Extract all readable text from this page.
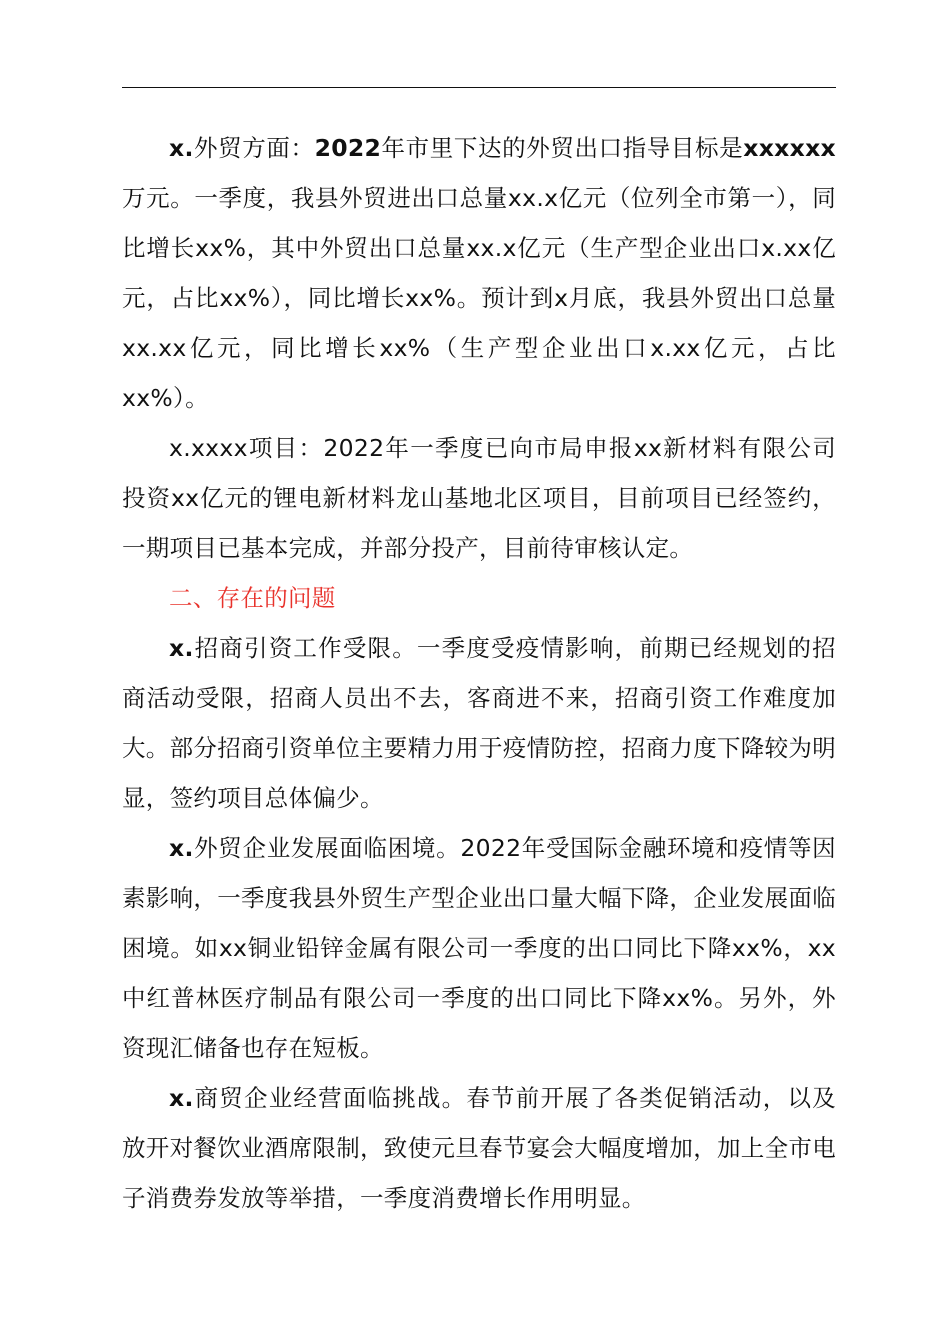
x.外贸方面：2022年市里下达的外贸出口指导目标是xxxxxx万元。一季度，我县外贸进出口总量xx.x亿元（位列全市第一），同比增长xx%，其中外贸出口总量xx.x亿元（生产型企业出口x.xx亿元，占比xx%），同比增长xx%。预计到x月底，我县外贸出口总量xx.xx亿元，同比增长xx%（生产型企业出口x.xx亿元，占比xx%）。

x.xxxx项目：2022年一季度已向市局申报xx新材料有限公司投资xx亿元的锂电新材料龙山基地北区项目，目前项目已经签约，一期项目已基本完成，并部分投产，目前待审核认定。

二、存在的问题

x.招商引资工作受限。一季度受疫情影响，前期已经规划的招商活动受限，招商人员出不去，客商进不来，招商引资工作难度加大。部分招商引资单位主要精力用于疫情防控，招商力度下降较为明显，签约项目总体偏少。

x.外贸企业发展面临困境。2022年受国际金融环境和疫情等因素影响，一季度我县外贸生产型企业出口量大幅下降，企业发展面临困境。如xx铜业铅锌金属有限公司一季度的出口同比下降xx%，xx中红普林医疗制品有限公司一季度的出口同比下降xx%。另外，外资现汇储备也存在短板。

x.商贸企业经营面临挑战。春节前开展了各类促销活动，以及放开对餐饮业酒席限制，致使元旦春节宴会大幅度增加，加上全市电子消费券发放等举措，一季度消费增长作用明显。
